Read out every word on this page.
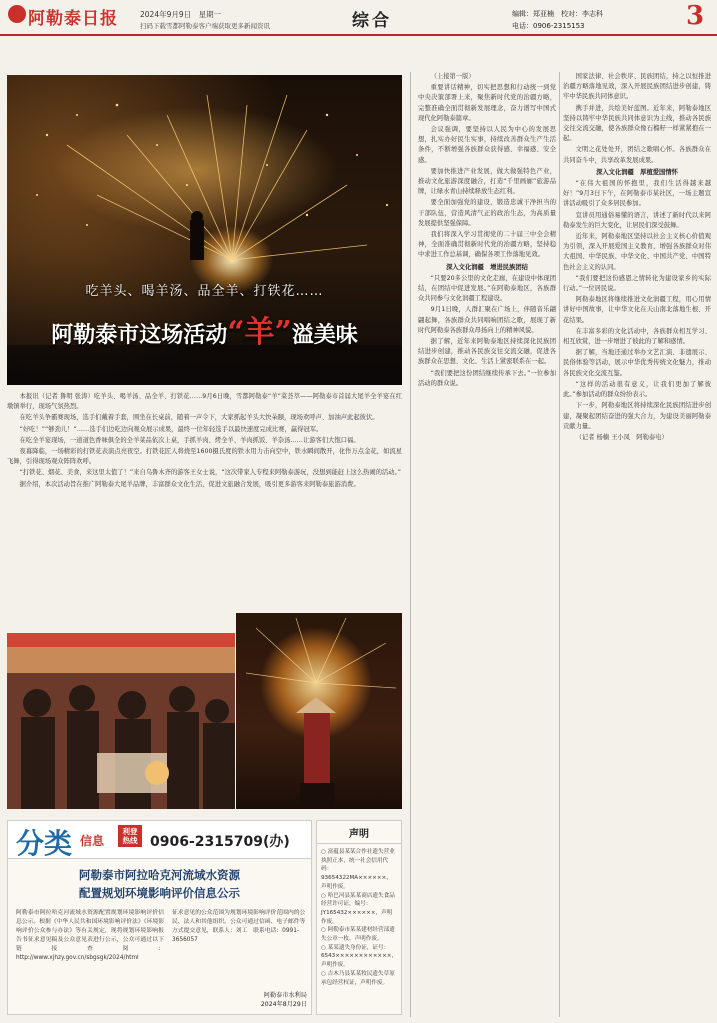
阿勒泰日报	2024年9月9日　星期一
扫码下载雪都阿勒泰客户端获取更多新闻资讯	综合	编辑：郑亚楠　校对：李志科
电话：0906-2315153	3
吃羊头、喝羊汤、品全羊、打铁花……
阿勒泰市这场活动“羊”溢美味

本报讯（记者 鲁明 张涛）吃羊头、喝羊汤、品全羊、打铁花……9月6日晚，雪都阿勒泰“羊”菜荟萃——阿勒泰市首届大尾羊全羊宴在红墩镇举行，现场气氛热烈。

在吃羊头争霸赛现场，选手们戴着手套，围坐在长桌前，随着一声令下，大家抓起羊头大快朵颐，现场欢呼声、加油声此起彼伏。

“好吃！”“够劲儿！”……选手们边吃边向观众展示成果，最终一位年轻选手以最快速度完成比赛，赢得冠军。

在吃全羊宴现场，一道道色香味俱全的全羊菜品依次上桌，手抓羊肉、烤全羊、羊肉抓饭、羊杂汤……让游客们大饱口福。

夜幕降临，一场精彩的打铁花表演点亮夜空。打铁花匠人将烧至1600摄氏度的铁水用力击向空中，铁水瞬间散开，化作万点金花，如流星飞舞，引得现场观众阵阵欢呼。

“打铁花、烟花、美食，来这里太值了！”来自乌鲁木齐的游客王女士说，“这次带家人专程来阿勒泰游玩，没想到能赶上这么热闹的活动。”

据介绍，本次活动旨在推广阿勒泰大尾羊品牌，丰富群众文化生活，促进文旅融合发展，吸引更多游客来阿勒泰旅游消费。

（上接第一版）

重要讲话精神，切实把思想和行动统一到党中央决策部署上来，聚焦新时代党的治疆方略，完整准确全面贯彻新发展理念，奋力谱写中国式现代化阿勒泰篇章。

会议强调，要坚持以人民为中心的发展思想，扎实办好民生实事，持续改善群众生产生活条件，不断增强各族群众获得感、幸福感、安全感。

要加快推进产业发展，做大做强特色产业，推动文化旅游深度融合，打造“千里画廊”旅游品牌，让绿水青山持续释放生态红利。

要全面加强党的建设，锻造忠诚干净担当的干部队伍，营造风清气正的政治生态，为高质量发展提供坚强保障。

我们将深入学习贯彻党的二十届三中全会精神，全面准确贯彻新时代党的治疆方略，坚持稳中求进工作总基调，确保各项工作落地见效。

深入文化润疆　增进民族团结

“只要20多公里的文化走廊，在建设中体现团结，在团结中促进发展。”在阿勒泰地区，各族群众共同参与文化润疆工程建设。

9月1日晚，人群汇聚在广场上，伴随音乐翩翩起舞，各族群众共同唱响团结之歌，展现了新时代阿勒泰各族群众昂扬向上的精神风貌。

据了解，近年来阿勒泰地区持续深化民族团结进步创建，推动各民族交往交流交融，促进各族群众在思想、文化、生活上紧密联系在一起。

“我们要把这份团结继续传承下去。”一位参加活动的群众说。

国家法律、社会秩序、民族团结，持之以恒推进治疆方略落地见效，深入开展民族团结进步创建，铸牢中华民族共同体意识。

携手并进，共绘美好蓝图。近年来，阿勒泰地区坚持以铸牢中华民族共同体意识为主线，推动各民族交往交流交融，使各族群众像石榴籽一样紧紧抱在一起。

文明之花处处开，团结之歌唱心怀。各族群众在共同奋斗中，共享改革发展成果。

深入文化润疆　厚植爱国情怀

“在伟大祖国的怀抱里，我们生活得越来越好！”9月3日下午，在阿勒泰市某社区，一场主题宣讲活动吸引了众多居民参加。

宣讲员用通俗易懂的语言，讲述了新时代以来阿勒泰发生的巨大变化，让居民们深受鼓舞。

近年来，阿勒泰地区坚持以社会主义核心价值观为引领，深入开展爱国主义教育，增强各族群众对伟大祖国、中华民族、中华文化、中国共产党、中国特色社会主义的认同。

“我们要把这份感恩之情转化为建设家乡的实际行动。”一位居民说。

阿勒泰地区将继续推进文化润疆工程，用心用情讲好中国故事，让中华文化在天山南北落地生根、开花结果。

在丰富多彩的文化活动中，各族群众相互学习、相互欣赏，进一步增进了彼此的了解和感情。

据了解，当地还通过举办文艺汇演、非遗展示、民俗体验等活动，展示中华优秀传统文化魅力，推动各民族文化交流互鉴。

“这样的活动很有意义，让我们更加了解彼此。”参加活动的群众纷纷表示。

下一步，阿勒泰地区将持续深化民族团结进步创建，凝聚起团结奋进的强大合力，为建设美丽阿勒泰贡献力量。

（记者 杨楠 王小凤　阿勒泰电）

分类 信息
利登热线 0906-2315709(办)
阿勒泰市阿拉哈克河流域水资源
配置规划环境影响评价信息公示
阿勒泰市阿拉哈克河流域水资源配置规划环境影响评价信息公示。根据《中华人民共和国环境影响评价法》《环境影响评价公众参与办法》等有关规定，现将规划环境影响报告书征求意见稿及公众意见表进行公示，公众可通过以下链接查阅：http://www.xjhzy.gov.cn/sbgsgk/2024/html
征求意见的公众范围为规划环境影响评价范围内的公民、法人和其他组织。公众可通过信函、电子邮件等方式提交意见，联系人：刘工　联系电话：0991-3656057
阿勒泰市水利局
2024年8月29日
声明
○ 富蕴县某某合作社遗失营业执照正本，统一社会信用代码：93654322MA××××××，声明作废。
○ 哈巴河县某某商店遗失食品经营许可证，编号：JY165432××××××，声明作废。
○ 阿勒泰市某某建材经营部遗失公章一枚，声明作废。
○ 某某遗失身份证，证号：6543××××××××××××，声明作废。
○ 吉木乃县某某牧民遗失草原承包经营权证，声明作废。
